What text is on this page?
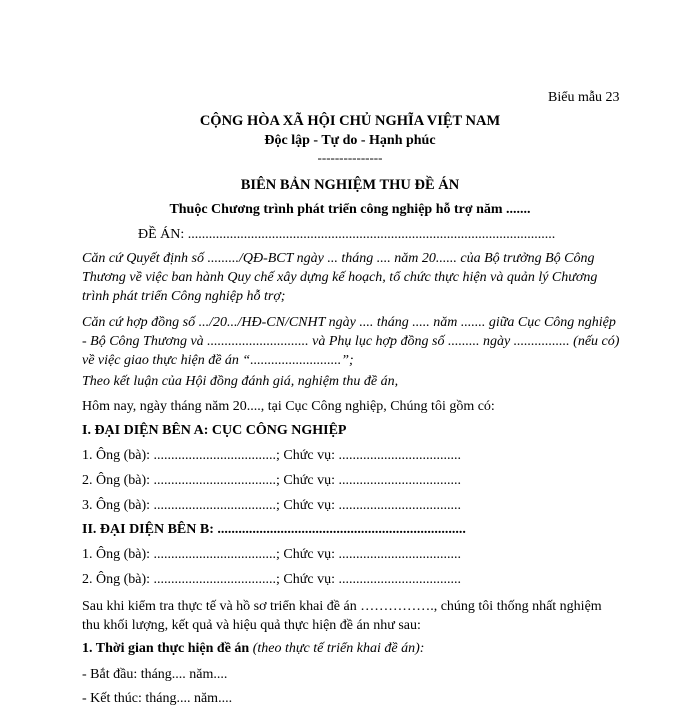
Biểu mẫu 23
CỘNG HÒA XÃ HỘI CHỦ NGHĨA VIỆT NAM
Độc lập - Tự do - Hạnh phúc
---------------
BIÊN BẢN NGHIỆM THU ĐỀ ÁN
Thuộc Chương trình phát triển công nghiệp hỗ trợ năm .......
ĐỀ ÁN: .........................................................................................................
Căn cứ Quyết định số ........./QĐ-BCT ngày ... tháng .... năm 20...... của Bộ trưởng Bộ Công Thương về việc ban hành Quy chế xây dựng kế hoạch, tổ chức thực hiện và quản lý Chương trình phát triển Công nghiệp hỗ trợ;
Căn cứ hợp đồng số .../20.../HĐ-CN/CNHT ngày .... tháng ..... năm ....... giữa Cục Công nghiệp - Bộ Công Thương và ............................. và Phụ lục hợp đồng số ......... ngày ................ (nếu có) về việc giao thực hiện đề án “..........................”;
Theo kết luận của Hội đồng đánh giá, nghiệm thu đề án,
Hôm nay, ngày tháng năm 20...., tại Cục Công nghiệp, Chúng tôi gồm có:
I. ĐẠI DIỆN BÊN A: CỤC CÔNG NGHIỆP
1. Ông (bà): ...................................; Chức vụ: ...................................
2. Ông (bà): ...................................; Chức vụ: ...................................
3. Ông (bà): ...................................; Chức vụ: ...................................
II. ĐẠI DIỆN BÊN B: .......................................................................
1. Ông (bà): ...................................; Chức vụ: ...................................
2. Ông (bà): ...................................; Chức vụ: ...................................
Sau khi kiểm tra thực tế và hồ sơ triển khai đề án ……………., chúng tôi thống nhất nghiệm thu khối lượng, kết quả và hiệu quả thực hiện đề án như sau:
1. Thời gian thực hiện đề án (theo thực tế triển khai đề án):
- Bắt đầu: tháng.... năm....
- Kết thúc: tháng.... năm....
